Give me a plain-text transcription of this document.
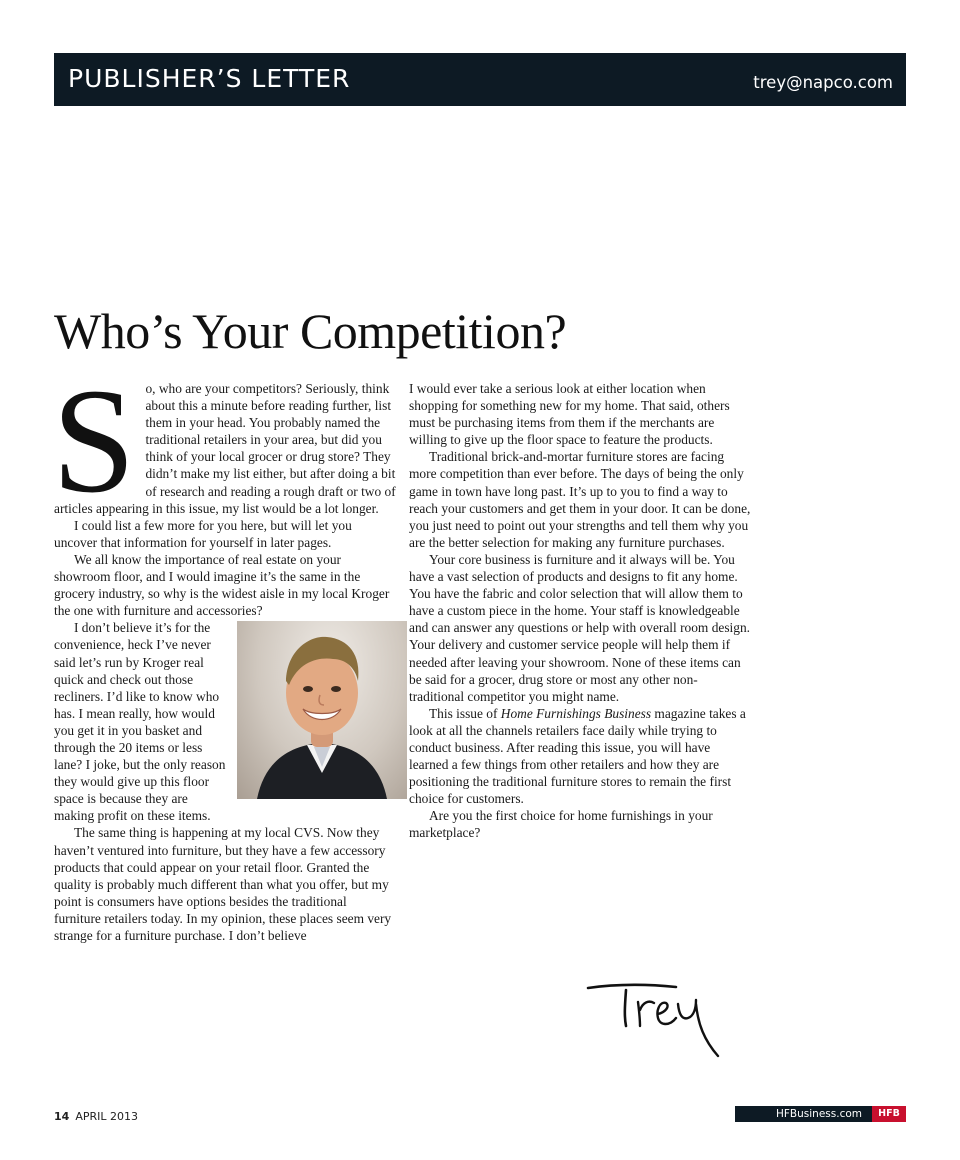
PUBLISHER’S LETTER	trey@napco.com
Who’s Your Competition?
S o, who are your competitors? Seriously, think about this a minute before reading further, list them in your head. You probably named the traditional retailers in your area, but did you think of your local grocer or drug store? They didn’t make my list either, but after doing a bit of research and reading a rough draft or two of articles appearing in this issue, my list would be a lot longer.

I could list a few more for you here, but will let you uncover that information for yourself in later pages.

We all know the importance of real estate on your showroom floor, and I would imagine it’s the same in the grocery industry, so why is the widest aisle in my local Kroger the one with furniture and accessories?

I don’t believe it’s for the convenience, heck I’ve never said let’s run by Kroger real quick and check out those recliners. I’d like to know who has. I mean really, how would you get it in you basket and through the 20 items or less lane? I joke, but the only reason they would give up this floor space is because they are making profit on these items.

The same thing is happening at my local CVS. Now they haven’t ventured into furniture, but they have a few accessory products that could appear on your retail floor. Granted the quality is probably much different than what you offer, but my point is consumers have options besides the traditional furniture retailers today. In my opinion, these places seem very strange for a furniture purchase. I don’t believe

I would ever take a serious look at either location when shopping for something new for my home. That said, others must be purchasing items from them if the merchants are willing to give up the floor space to feature the products.

Traditional brick-and-mortar furniture stores are facing more competition than ever before. The days of being the only game in town have long past. It’s up to you to find a way to reach your customers and get them in your door. It can be done, you just need to point out your strengths and tell them why you are the better selection for making any furniture purchases.

Your core business is furniture and it always will be. You have a vast selection of products and designs to fit any home. You have the fabric and color selection that will allow them to have a custom piece in the home. Your staff is knowledgeable and can answer any questions or help with overall room design. Your delivery and customer service people will help them if needed after leaving your showroom. None of these items can be said for a grocer, drug store or most any other non-traditional competitor you might name.

This issue of Home Furnishings Business magazine takes a look at all the channels retailers face daily while trying to conduct business. After reading this issue, you will have learned a few things from other retailers and how they are positioning the traditional furniture stores to remain the first choice for customers.

Are you the first choice for home furnishings in your marketplace?

14 APRIL 2013	HFBusiness.com	HFB
